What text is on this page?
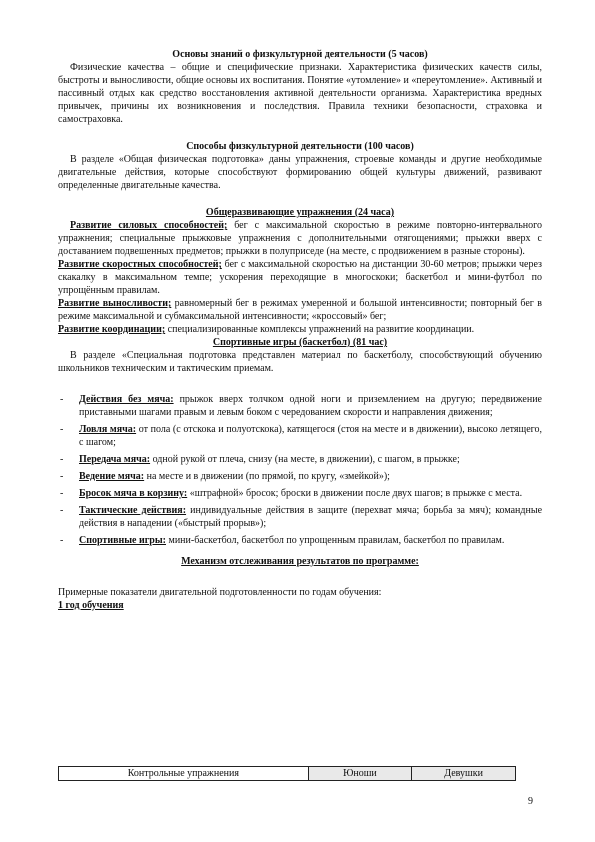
Основы знаний о физкультурной деятельности (5 часов)

Физические качества – общие и специфические признаки. Характеристика физических качеств силы, быстроты и выносливости, общие основы их воспитания. Понятие «утомление» и «переутомление». Активный и пассивный отдых как средство восстановления активной деятельности организма. Характеристика вредных привычек, причины их возникновения и последствия. Правила техники безопасности, страховка и самостраховка.

Способы физкультурной деятельности (100 часов)

В разделе «Общая физическая подготовка» даны упражнения, строевые команды и другие необходимые двигательные действия, которые способствуют формированию общей культуры движений, развивают определенные двигательные качества.

Общеразвивающие упражнения (24 часа)

Развитие силовых способностей; бег с максимальной скоростью в режиме повторно-интервального упражнения; специальные прыжковые упражнения с дополнительными отягощениями; прыжки вверх с доставанием подвешенных предметов; прыжки в полуприседе (на месте, с продвижением в разные стороны).

Развитие скоростных способностей; бег с максимальной скоростью на дистанции 30-60 метров; прыжки через скакалку в максимальном темпе; ускорения переходящие в многоскоки; баскетбол и мини-футбол по упрощённым правилам.

Развитие выносливости; равномерный бег в режимах умеренной и большой интенсивности; повторный бег в режиме максимальной и субмаксимальной интенсивности; «кроссовый» бег;

Развитие координации; специализированные комплексы упражнений на развитие координации.

Спортивные игры (баскетбол) (81 час)

В разделе «Специальная подготовка представлен материал по баскетболу, способствующий обучению школьников техническим и тактическим приемам.

- Действия без мяча: прыжок вверх толчком одной ноги и приземлением на другую; передвижение приставными шагами правым и левым боком с чередованием скорости и направления движения;
- Ловля мяча: от пола (с отскока и полуотскока), катящегося (стоя на месте и в движении), высоко летящего, с шагом;
- Передача мяча: одной рукой от плеча, снизу (на месте, в движении), с шагом, в прыжке;
- Ведение мяча: на месте и в движении (по прямой, по кругу, «змейкой»);
- Бросок мяча в корзину: «штрафной» бросок; броски в движении после двух шагов; в прыжке с места.
- Тактические действия: индивидуальные действия в защите (перехват мяча; борьба за мяч); командные действия в нападении («быстрый прорыв»);
- Спортивные игры: мини-баскетбол, баскетбол по упрощенным правилам, баскетбол по правилам.
Механизм отслеживания результатов по программе:

Примерные показатели двигательной подготовленности по годам обучения:

1 год обучения

Контрольные упражнения	Юноши	Девушки
9
